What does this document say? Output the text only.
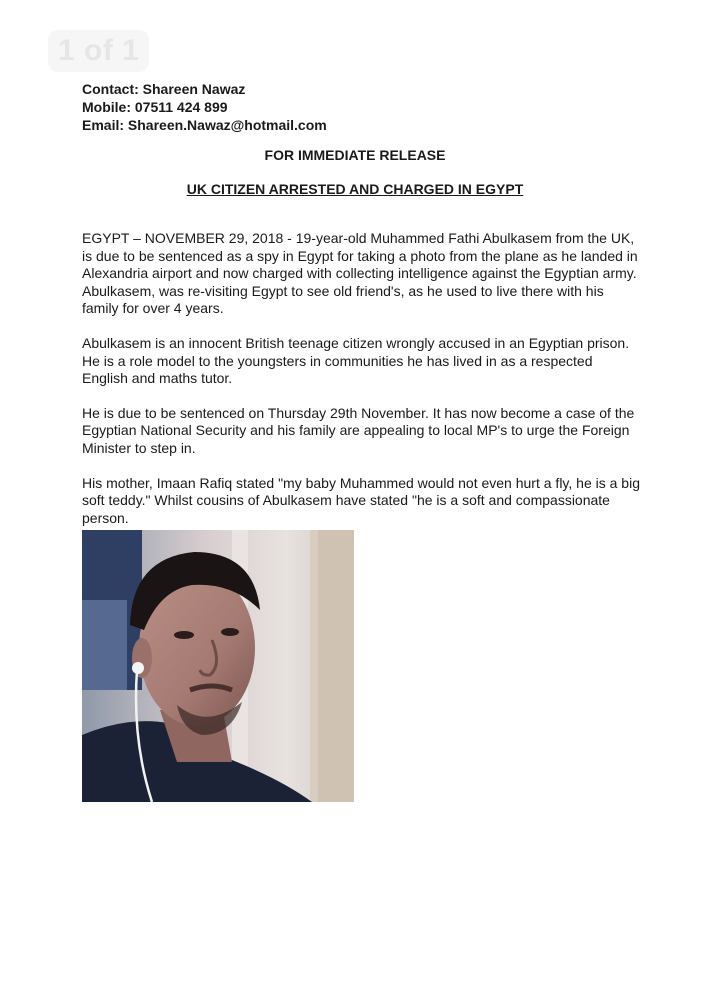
1 of 1
Contact: Shareen Nawaz
Mobile: 07511 424 899
Email: Shareen.Nawaz@hotmail.com
FOR IMMEDIATE RELEASE
UK CITIZEN ARRESTED AND CHARGED IN EGYPT

EGYPT – NOVEMBER 29, 2018 - 19-year-old Muhammed Fathi Abulkasem from the UK, is due to be sentenced as a spy in Egypt for taking a photo from the plane as he landed in Alexandria airport and now charged with collecting intelligence against the Egyptian army. Abulkasem, was re-visiting Egypt to see old friend's, as he used to live there with his family for over 4 years.

Abulkasem is an innocent British teenage citizen wrongly accused in an Egyptian prison. He is a role model to the youngsters in communities he has lived in as a respected English and maths tutor.

He is due to be sentenced on Thursday 29th November. It has now become a case of the Egyptian National Security and his family are appealing to local MP's to urge the Foreign Minister to step in.

His mother, Imaan Rafiq stated "my baby Muhammed would not even hurt a fly, he is a big soft teddy." Whilst cousins of Abulkasem have stated "he is a soft and compassionate person.
